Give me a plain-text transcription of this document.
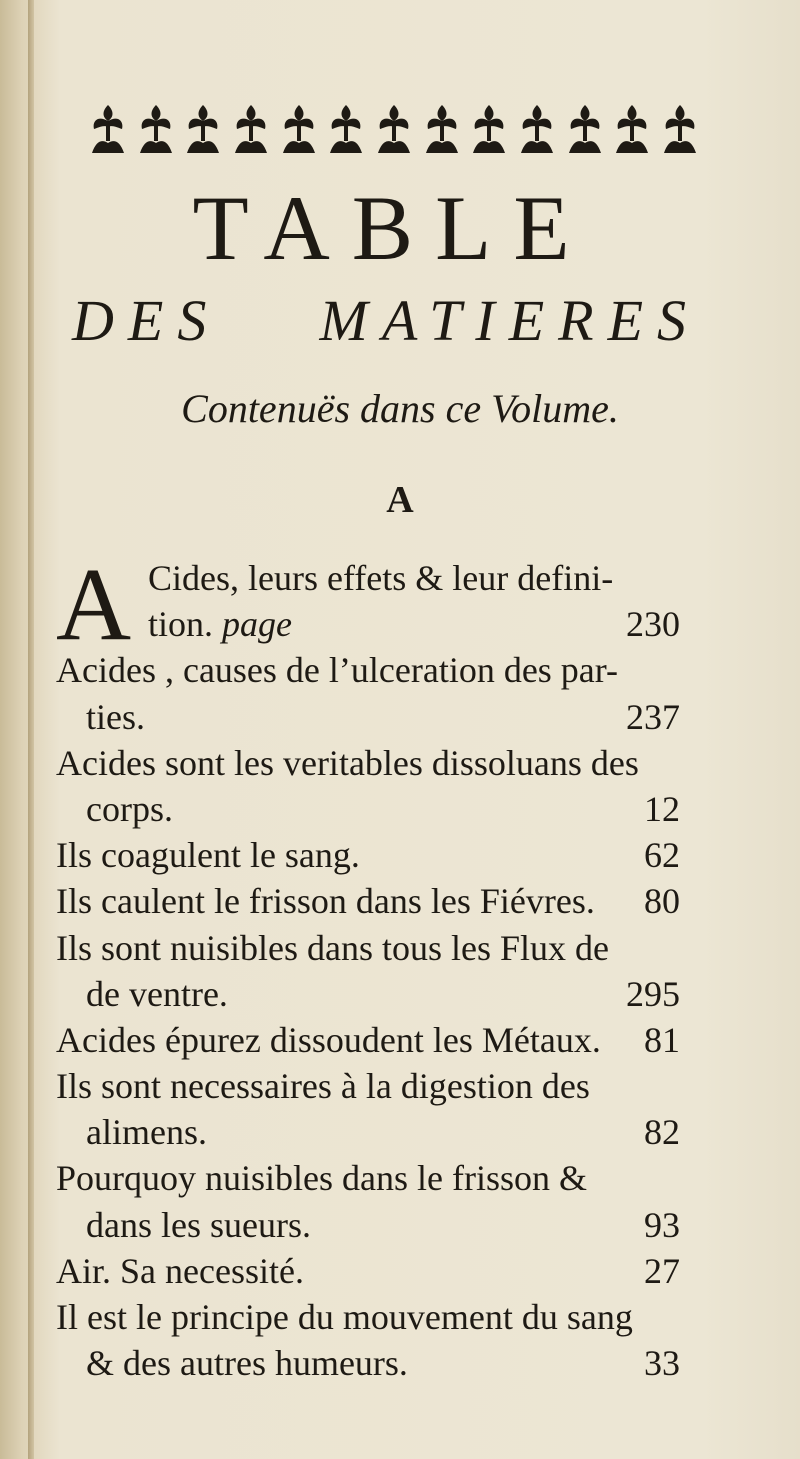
TABLE
DES MATIERES
Contenuës dans ce Volume.
A
A Cides, leurs effets & leur defini-
tion. page	230
Acides , causes de l’ulceration des par-
ties.	237
Acides sont les veritables dissoluans des
corps.	12
Ils coagulent le sang.	62
Ils caulent le frisson dans les Fiévres.	80
Ils sont nuisibles dans tous les Flux de
de ventre.	295
Acides épurez dissoudent les Métaux.	81
Ils sont necessaires à la digestion des
alimens.	82
Pourquoy nuisibles dans le frisson &
dans les sueurs.	93
Air. Sa necessité.	27
Il est le principe du mouvement du sang
& des autres humeurs.	33
